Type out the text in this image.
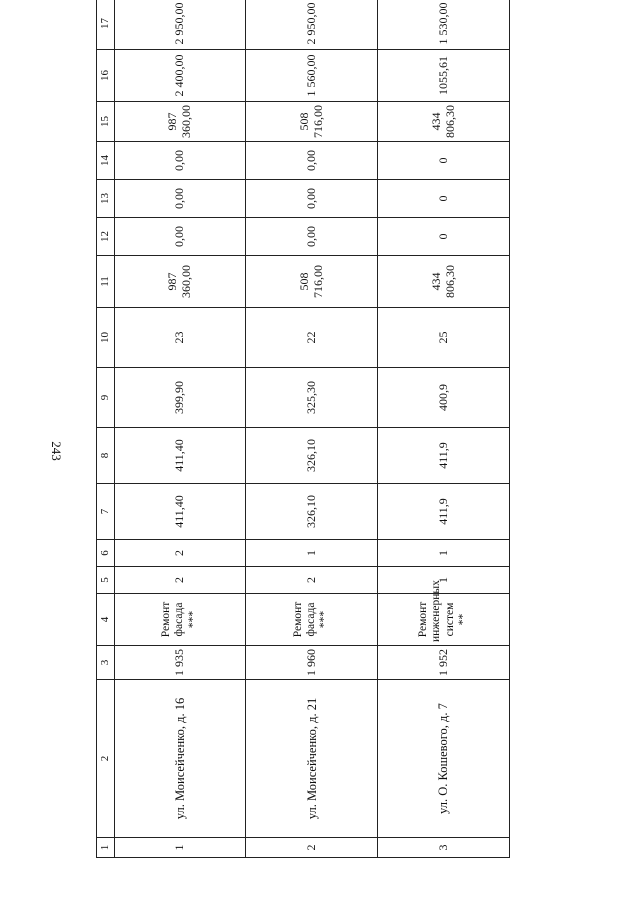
243
1	2	3	4	5	6	7	8	9	10	11	12	13	14	15	16	17	
1	ул. Моисейченко, д. 16	1 935	Ремонт фасада ***	2	2	411,40	411,40	399,90	23	987 360,00	0,00	0,00	0,00	987 360,00	2 400,00	2 950,00	
2	ул. Моисейченко, д. 21	1 960	Ремонт фасада ***	2	1	326,10	326,10	325,30	22	508 716,00	0,00	0,00	0,00	508 716,00	1 560,00	2 950,00	
3	ул. О. Кошевого, д. 7	1 952	Ремонт инженерных систем **	1	1	411,9	411,9	400,9	25	434 806,30	0	0	0	434 806,30	1055,61	1 530,00	
